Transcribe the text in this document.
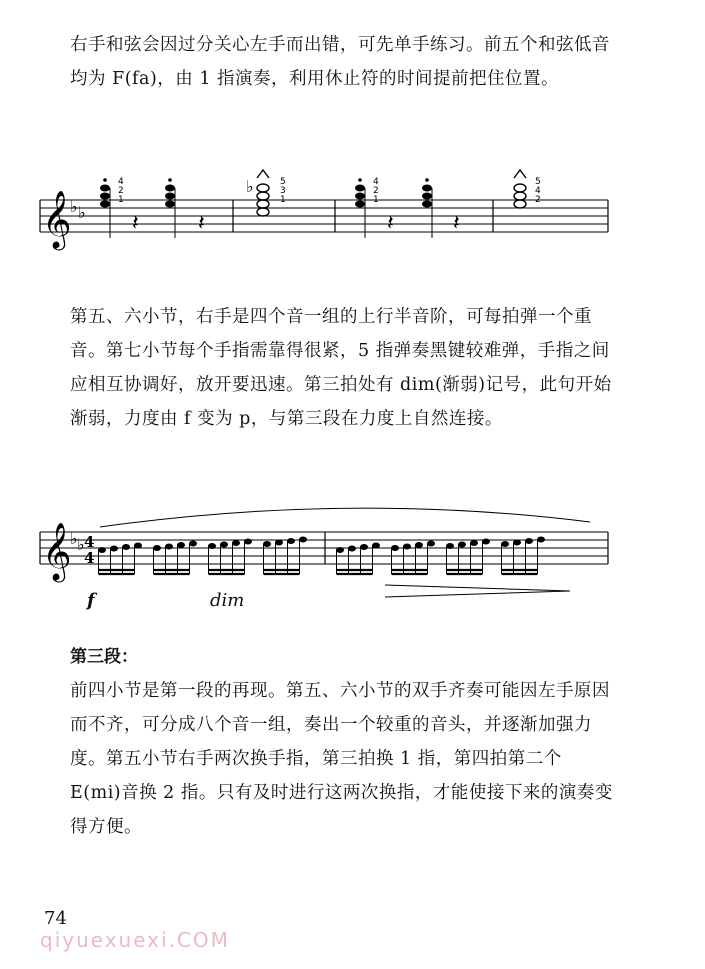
右手和弦会因过分关心左手而出错，可先单手练习。前五个和弦低音均为 F(fa)，由 1 指演奏，利用休止符的时间提前把住位置。
𝄞
♭ ♭
4
2
1
𝄽	𝄽
♭	5
3
1
4
2
1
𝄽	𝄽
5
4
2
第五、六小节，右手是四个音一组的上行半音阶，可每拍弹一个重音。第七小节每个手指需靠得很紧，5 指弹奏黑键较难弹，手指之间应相互协调好，放开要迅速。第三拍处有 dim(渐弱)记号，此句开始渐弱，力度由 f 变为 p，与第三段在力度上自然连接。
𝄞
♭ ♭ 4
4
f	dim
第三段：
前四小节是第一段的再现。第五、六小节的双手齐奏可能因左手原因而不齐，可分成八个音一组，奏出一个较重的音头，并逐渐加强力度。第五小节右手两次换手指，第三拍换 1 指，第四拍第二个 E(mi)音换 2 指。只有及时进行这两次换指，才能使接下来的演奏变得方便。
74
qiyuexuexi.COM
